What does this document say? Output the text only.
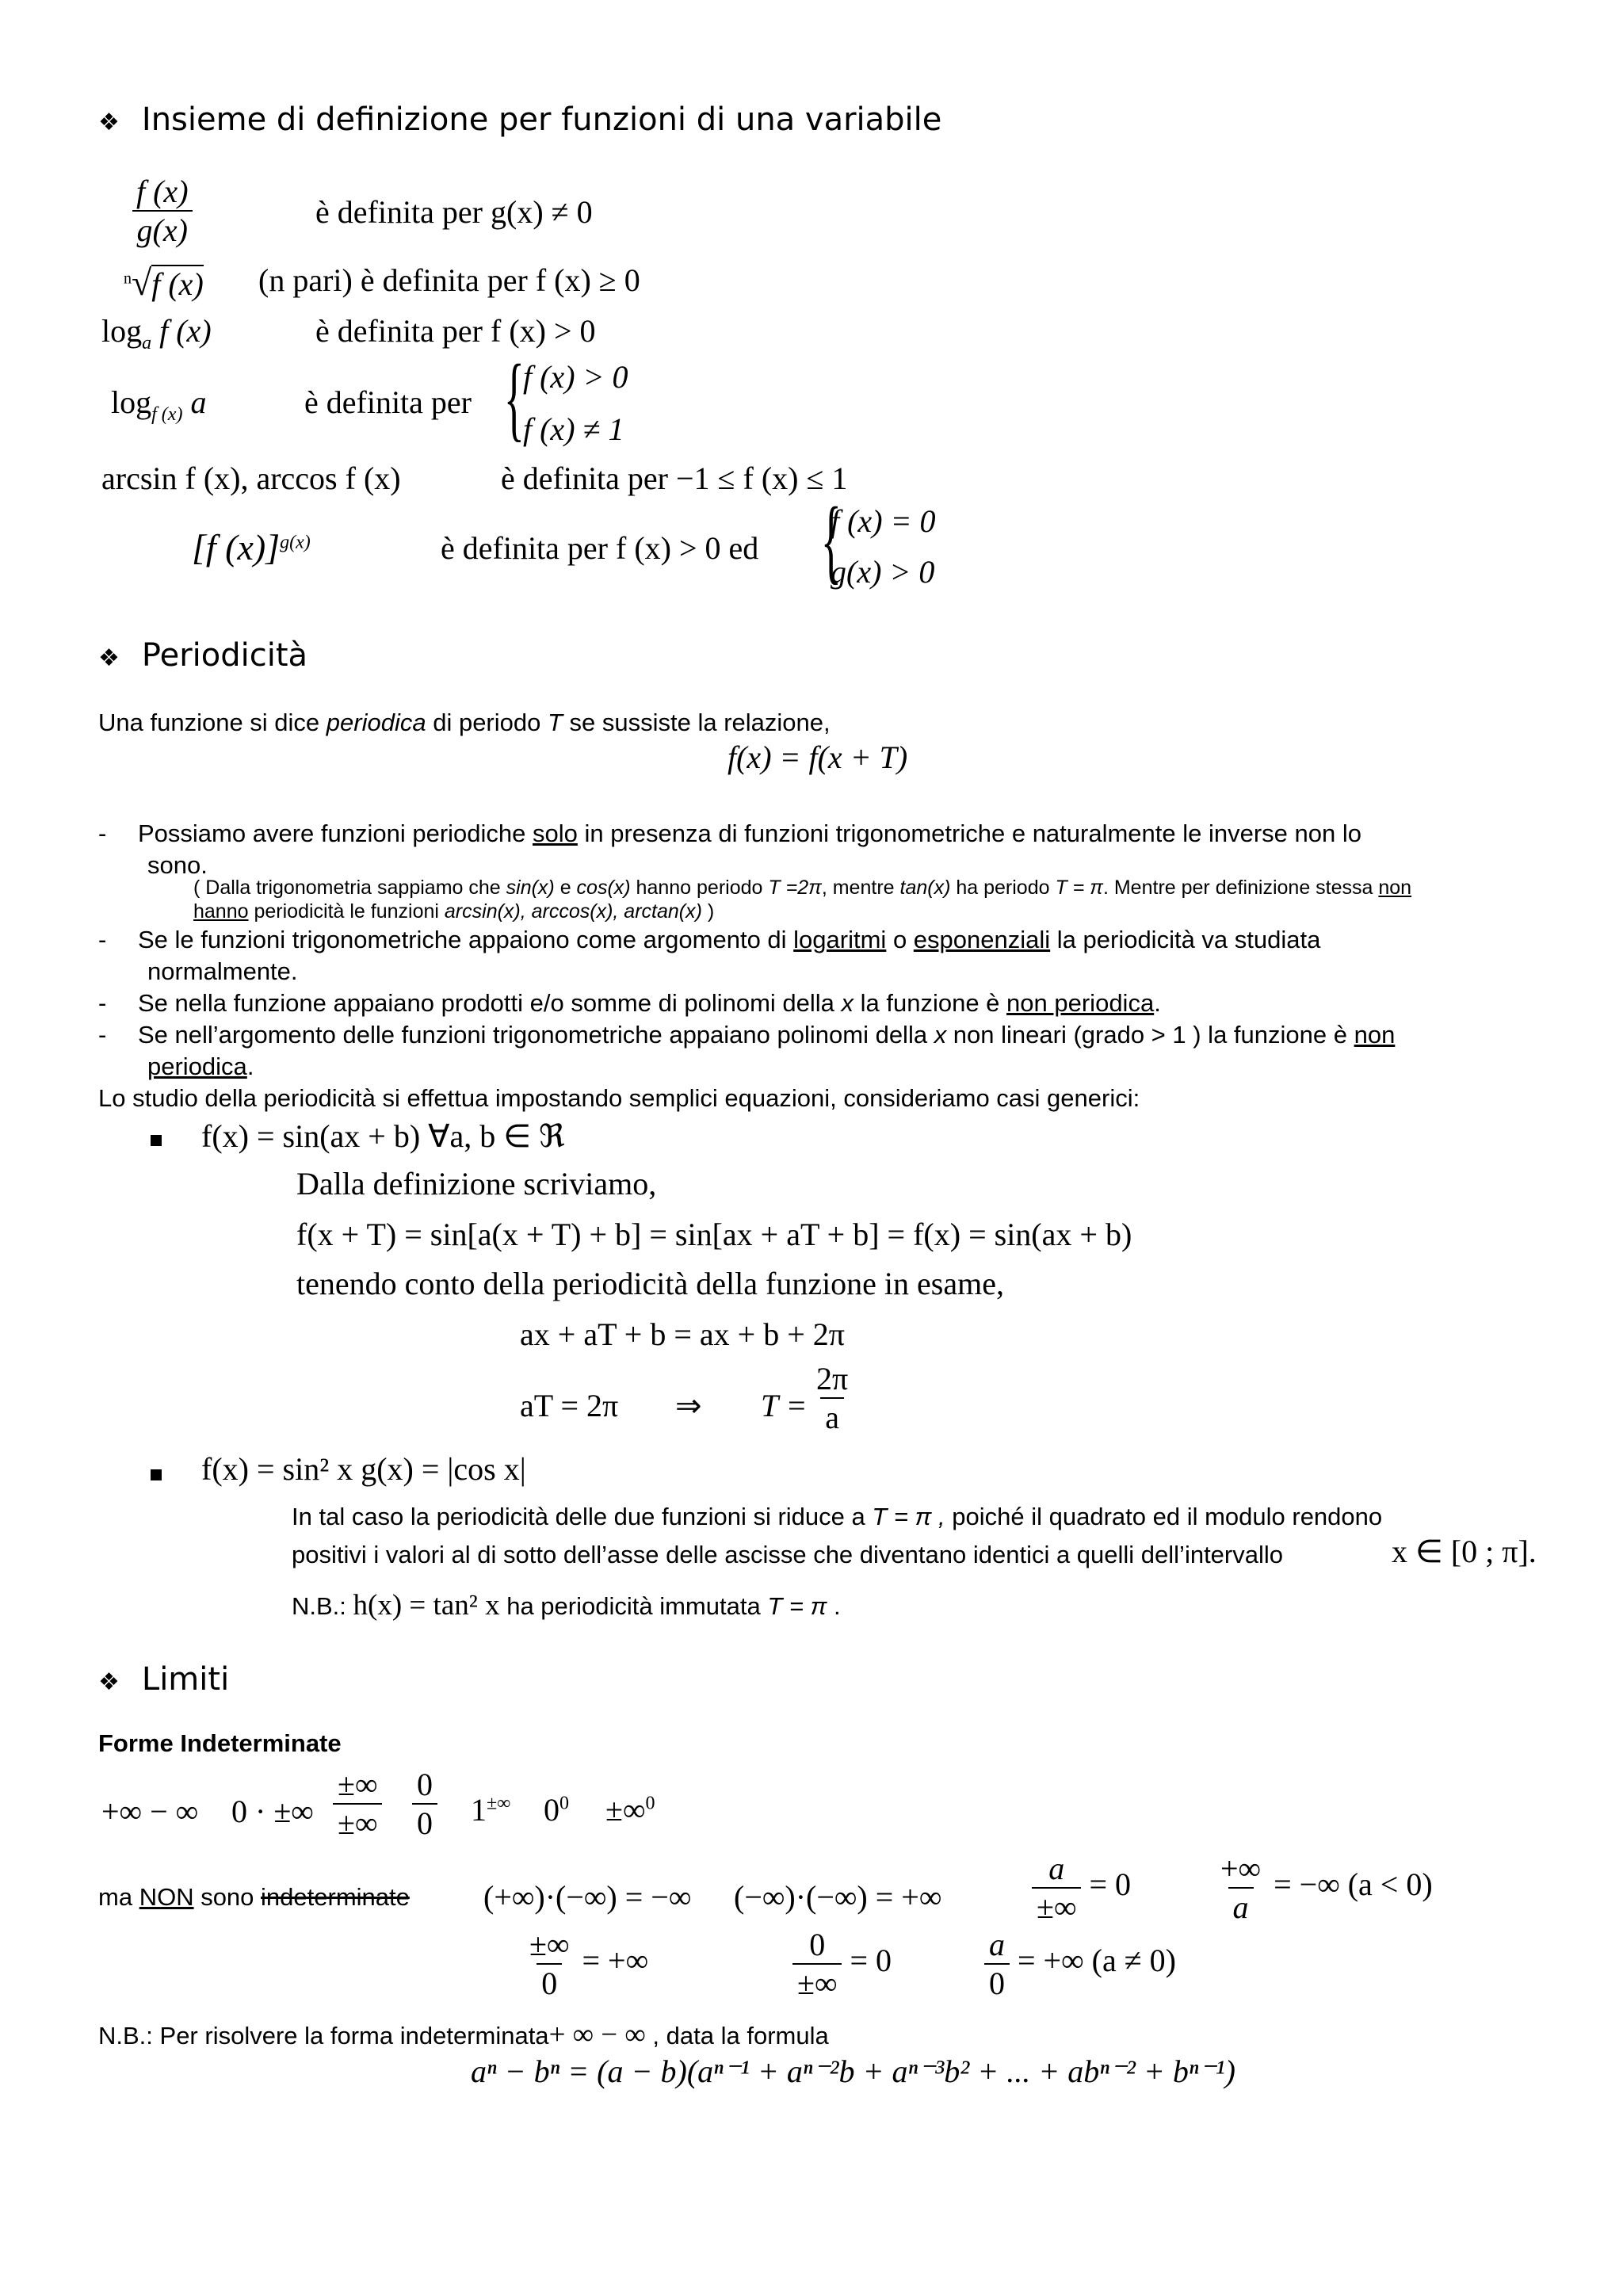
❖ Insieme di definizione per funzioni di una variabile
$\frac{f (x)}{g(x)}$	è definita per g(x) ≠ 0
$^n$√f (x) (n pari) è definita per f (x) ≥ 0
$\log_a f$ (x)	è definita per f (x) > 0
$\log_{f (x)} a$	è definita per {
f (x) > 0
f (x) ≠ 1
arcsin f (x), arccos f (x)	è definita per −1 ≤ f (x) ≤ 1
[f (x)]$^{g(x)}$	è definita per f (x) > 0 ed {
f (x) = 0
g(x) > 0
❖ Periodicità
Una funzione si dice periodica di periodo T se sussiste la relazione,
f(x) = f(x + T)
- Possiamo avere funzioni periodiche solo in presenza di funzioni trigonometriche e naturalmente le inverse non lo
sono.
( Dalla trigonometria sappiamo che sin(x) e cos(x) hanno periodo T =2π, mentre tan(x) ha periodo T = π. Mentre per definizione stessa non
hanno periodicità le funzioni arcsin(x), arccos(x), arctan(x) )
- Se le funzioni trigonometriche appaiono come argomento di logaritmi o esponenziali la periodicità va studiata
normalmente.
- Se nella funzione appaiano prodotti e/o somme di polinomi della x la funzione è non periodica.
- Se nell’argomento delle funzioni trigonometriche appaiano polinomi della x non lineari (grado > 1 ) la funzione è non
periodica.
Lo studio della periodicità si effettua impostando semplici equazioni, consideriamo casi generici:
f(x) = sin(ax + b) ∀a, b ∈ ℜ
Dalla definizione scriviamo,
f(x + T) = sin[a(x + T) + b] = sin[ax + aT + b] = f(x) = sin(ax + b)
tenendo conto della periodicità della funzione in esame,
ax + aT + b = ax + b + 2π
aT = 2π ⇒ $T = \frac{2\pi}{a}$
f(x) = sin² x g(x) = |cos x|
In tal caso la periodicità delle due funzioni si riduce a T = π , poiché il quadrato ed il modulo rendono
positivi i valori al di sotto dell’asse delle ascisse che diventano identici a quelli dell’intervallo	x ∈ [0 ; π].
N.B.: h(x) = tan² x ha periodicità immutata T = π .
❖ Limiti
Forme Indeterminate
+∞ − ∞ 0 · ±∞ $\frac{\pm\infty}{\pm\infty} \frac{0}{0} 1^{\pm\infty}$ $0^0 \pm\infty^0$
ma NON sono indeterminate (+∞)·(−∞) = −∞ (−∞)·(−∞) = +∞	$\frac{a}{\pm\infty} = 0$	$\frac{+\infty}{a}$ = −∞ (a < 0)
$\frac{\pm\infty}{0}$ = +∞	$\frac{0}{\pm\infty} = 0$	$\frac{a}{0}$ = +∞ (a ≠ 0)
N.B.: Per risolvere la forma indeterminata+ ∞ − ∞ , data la formula
aⁿ − bⁿ = (a − b)(aⁿ⁻¹ + aⁿ⁻²b + aⁿ⁻³b² + ... + abⁿ⁻² + bⁿ⁻¹)
